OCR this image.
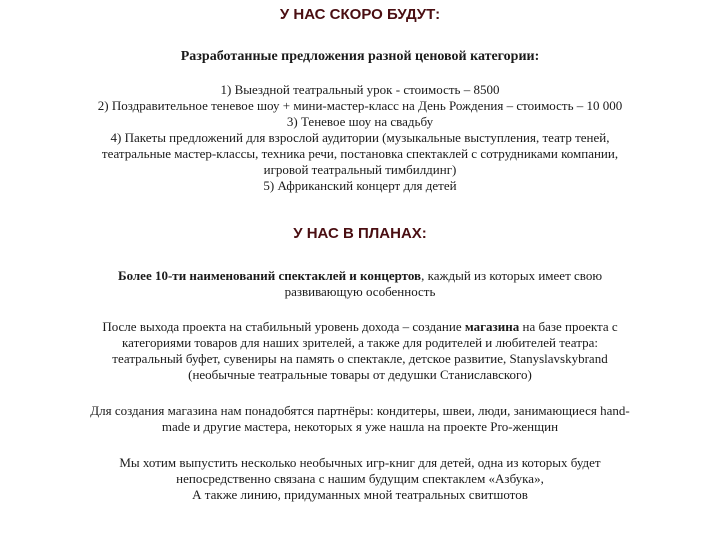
У НАС СКОРО БУДУТ:
Разработанные предложения разной ценовой категории:
1) Выездной театральный урок - стоимость – 8500
2) Поздравительное теневое шоу + мини-мастер-класс на День Рождения – стоимость – 10 000
3) Теневое шоу на свадьбу
4) Пакеты предложений для взрослой аудитории (музыкальные выступления, театр теней,
театральные мастер-классы, техника речи, постановка спектаклей с сотрудниками компании,
игровой театральный тимбилдинг)
5) Африканский концерт для детей
У НАС В ПЛАНАХ:
Более 10-ти наименований спектаклей и концертов, каждый из которых имеет свою
развивающую особенность
После выхода проекта на стабильный уровень дохода – создание магазина на базе проекта с
категориями товаров для наших зрителей, а также для родителей и любителей театра:
театральный буфет, сувениры на память о спектакле, детское развитие, Stanyslavskybrand
(необычные театральные товары от дедушки Станиславского)
Для создания магазина нам понадобятся партнёры: кондитеры, швеи, люди, занимающиеся hand-
made и другие мастера, некоторых я уже нашла на проекте Pro-женщин
Мы хотим выпустить несколько необычных игр-книг для детей, одна из которых будет
непосредственно связана с нашим будущим спектаклем «Азбука»,
А также линию, придуманных мной театральных свитшотов
